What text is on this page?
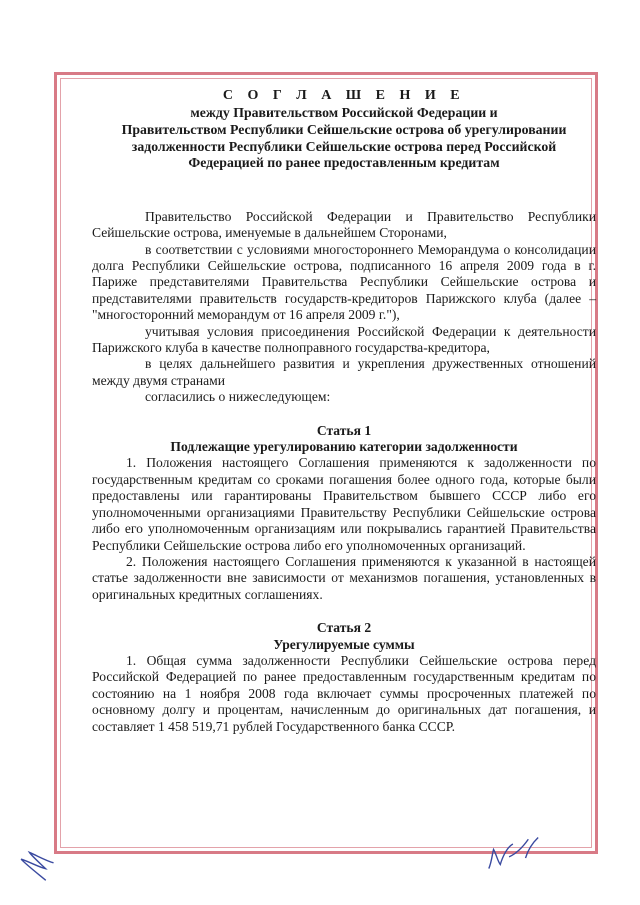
С О Г Л А Ш Е Н И Е
между Правительством Российской Федерации и
Правительством Республики Сейшельские острова об урегулировании
задолженности Республики Сейшельские острова перед Российской
Федерацией по ранее предоставленным кредитам

Правительство Российской Федерации и Правительство Республики Сейшельские острова, именуемые в дальнейшем Сторонами,

в соответствии с условиями многостороннего Меморандума о консолидации долга Республики Сейшельские острова, подписанного 16 апреля 2009 года в г. Париже представителями Правительства Республики Сейшельские острова и представителями правительств государств-кредиторов Парижского клуба (далее – "многосторонний меморандум от 16 апреля 2009 г."),

учитывая условия присоединения Российской Федерации к деятельности Парижского клуба в качестве полноправного государства-кредитора,

в целях дальнейшего развития и укрепления дружественных отношений между двумя странами

согласились о нижеследующем:

Статья 1
Подлежащие урегулированию категории задолженности

1. Положения настоящего Соглашения применяются к задолженности по государственным кредитам со сроками погашения более одного года, которые были предоставлены или гарантированы Правительством бывшего СССР либо его уполномоченными организациями Правительству Республики Сейшельские острова либо его уполномоченным организациям или покрывались гарантией Правительства Республики Сейшельские острова либо его уполномоченных организаций.

2. Положения настоящего Соглашения применяются к указанной в настоящей статье задолженности вне зависимости от механизмов погашения, установленных в оригинальных кредитных соглашениях.

Статья 2
Урегулируемые суммы

1. Общая сумма задолженности Республики Сейшельские острова перед Российской Федерацией по ранее предоставленным государственным кредитам по состоянию на 1 ноября 2008 года включает суммы просроченных платежей по основному долгу и процентам, начисленным до оригинальных дат погашения, и составляет 1 458 519,71 рублей Государственного банка СССР.
